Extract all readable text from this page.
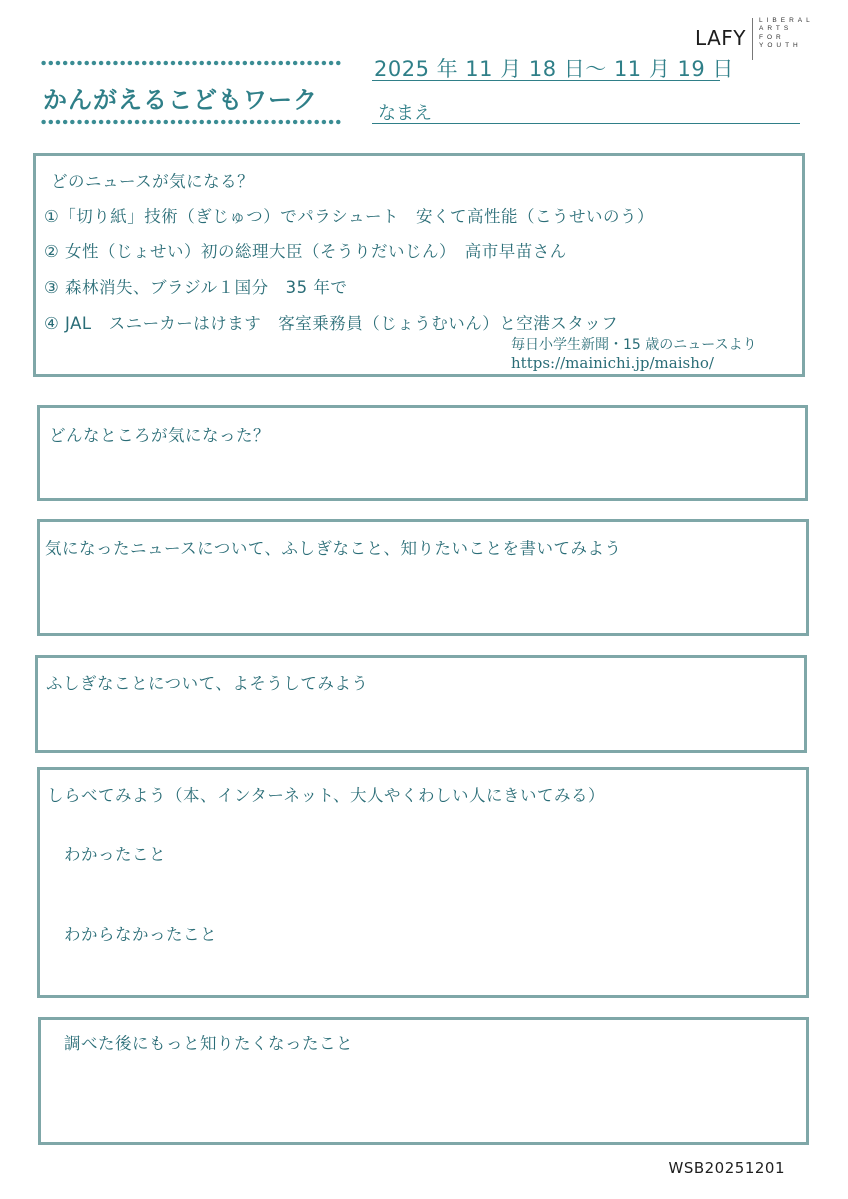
LAFY
LIBERAL
ARTS
FOR
YOUTH
かんがえるこどもワーク
2025 年 11 月 18 日～ 11 月 19 日
なまえ
どのニュースが気になる？
①「切り紙」技術（ぎじゅつ）でパラシュート　安くて高性能（こうせいのう）
② 女性（じょせい）初の総理大臣（そうりだいじん）　高市早苗さん
③ 森林消失、ブラジル１国分　35 年で
④ JAL　スニーカーはけます　客室乗務員（じょうむいん）と空港スタッフ
毎日小学生新聞・15 歳のニュースより
https://mainichi.jp/maisho/
どんなところが気になった？
気になったニュースについて、ふしぎなこと、知りたいことを書いてみよう
ふしぎなことについて、よそうしてみよう
しらべてみよう（本、インターネット、大人やくわしい人にきいてみる）
わかったこと
わからなかったこと
調べた後にもっと知りたくなったこと
WSB20251201
